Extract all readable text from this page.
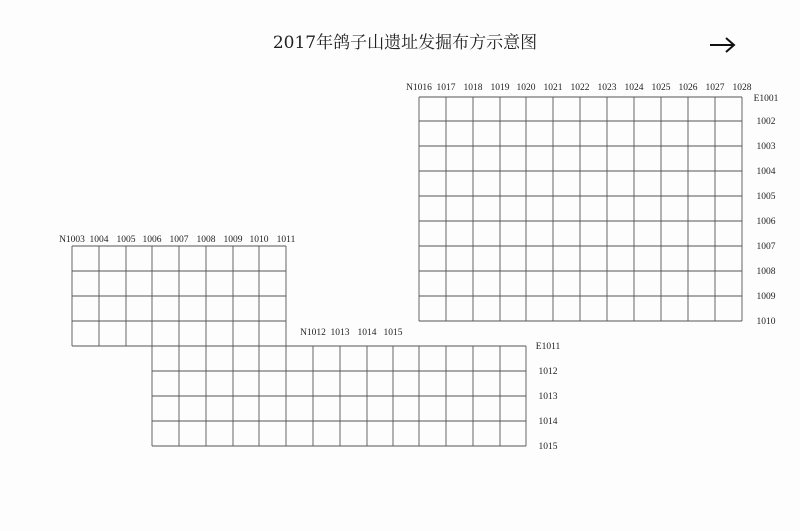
2017年鸽子山遗址发掘布方示意图
N1016 1017 1018 1019 1020 1021 1022 1023 1024 1025 1026 1027 1028
E1001
1002
1003
1004
1005
1006
1007
1008
1009
1010
N1003 1004 1005 1006 1007 1008 1009 1010 1011
N1012 1013 1014 1015
E1011
1012
1013
1014
1015
